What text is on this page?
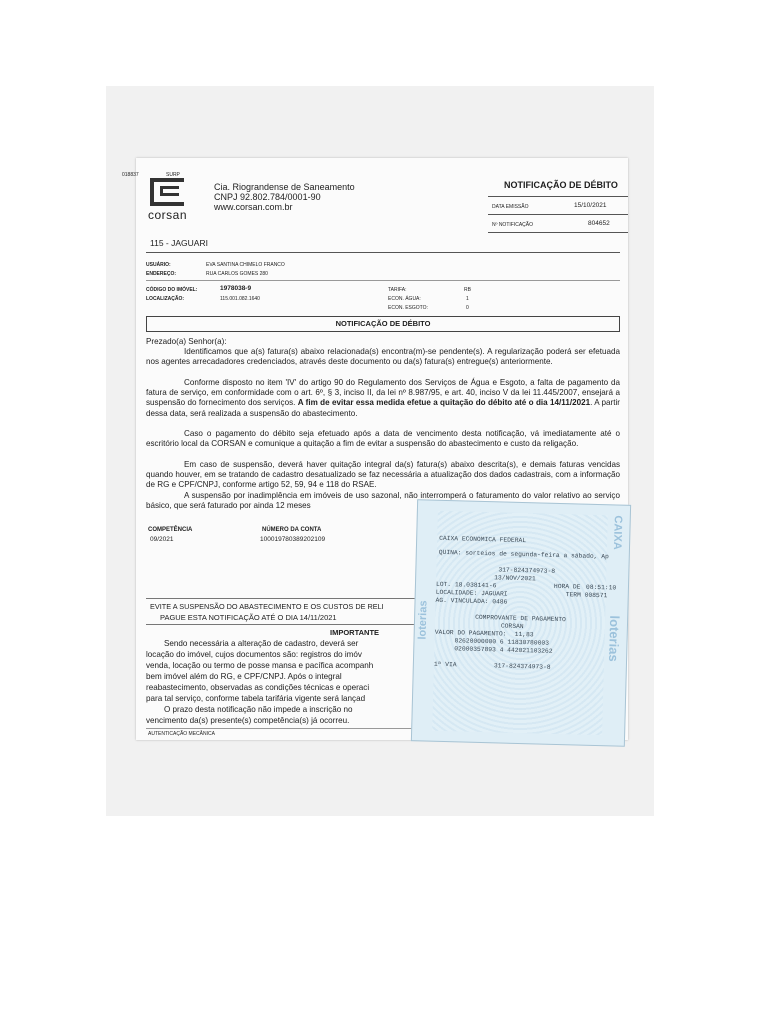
018837	SURP
corsan
Cia. Riograndense de Saneamento
CNPJ 92.802.784/0001-90
www.corsan.com.br
NOTIFICAÇÃO DE DÉBITO
DATA EMISSÃO	15/10/2021
Nº NOTIFICAÇÃO	804652
115 - JAGUARI
USUÁRIO:	EVA SANTINA CHIMELO FRANCO
ENDEREÇO:	RUA CARLOS GOMES 280
CÓDIGO DO IMÓVEL:	1978038-9
LOCALIZAÇÃO:	115.001.082.1640
TARIFA:	RB
ECON. ÁGUA:	1
ECON. ESGOTO:	0
NOTIFICAÇÃO DE DÉBITO
Prezado(a) Senhor(a):
Identificamos que a(s) fatura(s) abaixo relacionada(s) encontra(m)-se pendente(s). A regularização poderá ser efetuada nos agentes arrecadadores credenciados, através deste documento ou da(s) fatura(s) entregue(s) anteriormente.
Conforme disposto no item 'IV' do artigo 90 do Regulamento dos Serviços de Água e Esgoto, a falta de pagamento da fatura de serviço, em conformidade com o art. 6º, § 3, inciso II, da lei nº 8.987/95, e art. 40, inciso V da lei 11.445/2007, ensejará a suspensão do fornecimento dos serviços. A fim de evitar essa medida efetue a quitação do débito até o dia 14/11/2021. A partir dessa data, será realizada a suspensão do abastecimento.
Caso o pagamento do débito seja efetuado após a data de vencimento desta notificação, vá imediatamente até o escritório local da CORSAN e comunique a quitação a fim de evitar a suspensão do abastecimento e custo da religação.
Em caso de suspensão, deverá haver quitação integral da(s) fatura(s) abaixo descrita(s), e demais faturas vencidas quando houver, em se tratando de cadastro desatualizado se faz necessária a atualização dos dados cadastrais, com a informação de RG e CPF/CNPJ, conforme artigo 52, 59, 94 e 118 do RSAE.
A suspensão por inadimplência em imóveis de uso sazonal, não interromperá o faturamento do valor relativo ao serviço básico, que será faturado por ainda 12 meses
COMPETÊNCIA	NÚMERO DA CONTA
09/2021	100019780389202109
EVITE A SUSPENSÃO DO ABASTECIMENTO E OS CUSTOS DE RELI
PAGUE ESTA NOTIFICAÇÃO ATÉ O DIA 14/11/2021
IMPORTANTE
Sendo necessária a alteração de cadastro, deverá ser
locação do imóvel, cujos documentos são: registros do imóv
venda, locação ou termo de posse mansa e pacífica acompanh
bem imóvel além do RG, e CPF/CNPJ. Após o integral
reabastecimento, observadas as condições técnicas e operaci
para tal serviço, conforme tabela tarifária vigente será lançad
O prazo desta notificação não impede a inscrição no
vencimento da(s) presente(s) competência(s) já ocorreu.
AUTENTICAÇÃO MECÂNICA
CAIXA
loterias
loterias
CAIXA ECONOMICA FEDERAL
QUINA: sorteios de segunda-feira a sábado, Ap
317-824374973-8
13/NOV/2021
HORA DE 08:51:10
LOT. 18.038141-6
TERM 008571
LOCALIDADE: JAGUARI
AG. VINCULADA: 0486
COMPROVANTE DE PAGAMENTO
CORSAN
VALOR DO PAGAMENTO: 11,83
82620000000 6 11830780003
02000357893 4 442021103262
1ª VIA	317-824374973-8
